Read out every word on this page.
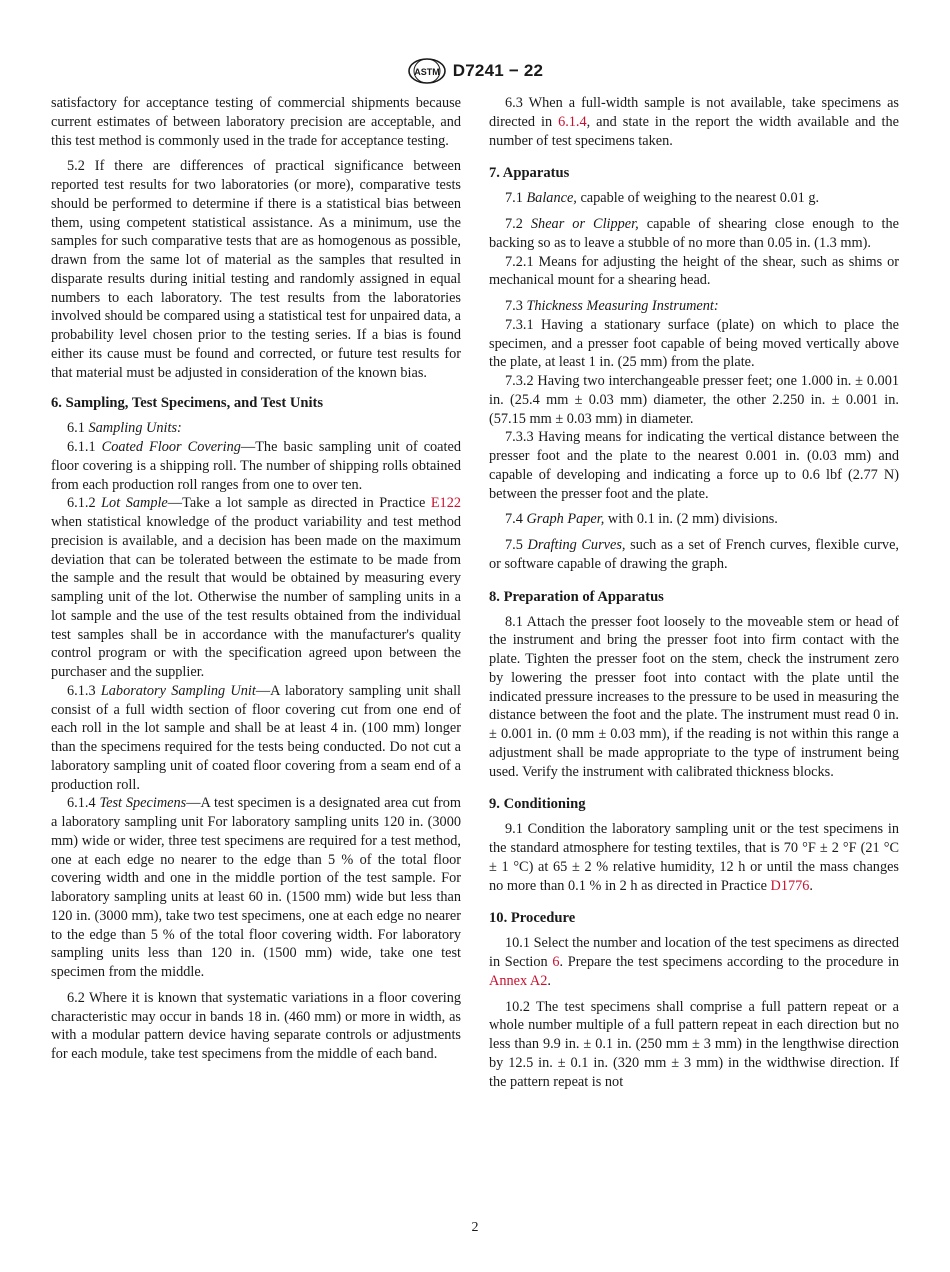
ASTM D7241 − 22

satisfactory for acceptance testing of commercial shipments because current estimates of between laboratory precision are acceptable, and this test method is commonly used in the trade for acceptance testing.

5.2 If there are differences of practical significance between reported test results for two laboratories (or more), comparative tests should be performed to determine if there is a statistical bias between them, using competent statistical assistance. As a minimum, use the samples for such comparative tests that are as homogenous as possible, drawn from the same lot of material as the samples that resulted in disparate results during initial testing and randomly assigned in equal numbers to each laboratory. The test results from the laboratories involved should be compared using a statistical test for unpaired data, a probability level chosen prior to the testing series. If a bias is found either its cause must be found and corrected, or future test results for that material must be adjusted in consideration of the known bias.

6. Sampling, Test Specimens, and Test Units

6.1 Sampling Units:

6.1.1 Coated Floor Covering—The basic sampling unit of coated floor covering is a shipping roll. The number of shipping rolls obtained from each production roll ranges from one to over ten.

6.1.2 Lot Sample—Take a lot sample as directed in Practice E122 when statistical knowledge of the product variability and test method precision is available, and a decision has been made on the maximum deviation that can be tolerated between the estimate to be made from the sample and the result that would be obtained by measuring every sampling unit of the lot. Otherwise the number of sampling units in a lot sample and the use of the test results obtained from the individual test samples shall be in accordance with the manufacturer's quality control program or with the specification agreed upon between the purchaser and the supplier.

6.1.3 Laboratory Sampling Unit—A laboratory sampling unit shall consist of a full width section of floor covering cut from one end of each roll in the lot sample and shall be at least 4 in. (100 mm) longer than the specimens required for the tests being conducted. Do not cut a laboratory sampling unit of coated floor covering from a seam end of a production roll.

6.1.4 Test Specimens—A test specimen is a designated area cut from a laboratory sampling unit For laboratory sampling units 120 in. (3000 mm) wide or wider, three test specimens are required for a test method, one at each edge no nearer to the edge than 5 % of the total floor covering width and one in the middle portion of the test sample. For laboratory sampling units at least 60 in. (1500 mm) wide but less than 120 in. (3000 mm), take two test specimens, one at each edge no nearer to the edge than 5 % of the total floor covering width. For laboratory sampling units less than 120 in. (1500 mm) wide, take one test specimen from the middle.

6.2 Where it is known that systematic variations in a floor covering characteristic may occur in bands 18 in. (460 mm) or more in width, as with a modular pattern device having separate controls or adjustments for each module, take test specimens from the middle of each band.

6.3 When a full-width sample is not available, take specimens as directed in 6.1.4, and state in the report the width available and the number of test specimens taken.

7. Apparatus

7.1 Balance, capable of weighing to the nearest 0.01 g.

7.2 Shear or Clipper, capable of shearing close enough to the backing so as to leave a stubble of no more than 0.05 in. (1.3 mm).

7.2.1 Means for adjusting the height of the shear, such as shims or mechanical mount for a shearing head.

7.3 Thickness Measuring Instrument:

7.3.1 Having a stationary surface (plate) on which to place the specimen, and a presser foot capable of being moved vertically above the plate, at least 1 in. (25 mm) from the plate.

7.3.2 Having two interchangeable presser feet; one 1.000 in. ± 0.001 in. (25.4 mm ± 0.03 mm) diameter, the other 2.250 in. ± 0.001 in. (57.15 mm ± 0.03 mm) in diameter.

7.3.3 Having means for indicating the vertical distance between the presser foot and the plate to the nearest 0.001 in. (0.03 mm) and capable of developing and indicating a force up to 0.6 lbf (2.77 N) between the presser foot and the plate.

7.4 Graph Paper, with 0.1 in. (2 mm) divisions.

7.5 Drafting Curves, such as a set of French curves, flexible curve, or software capable of drawing the graph.

8. Preparation of Apparatus

8.1 Attach the presser foot loosely to the moveable stem or head of the instrument and bring the presser foot into firm contact with the plate. Tighten the presser foot on the stem, check the instrument zero by lowering the presser foot into contact with the plate until the indicated pressure increases to the pressure to be used in measuring the distance between the foot and the plate. The instrument must read 0 in. ± 0.001 in. (0 mm ± 0.03 mm), if the reading is not within this range a adjustment shall be made appropriate to the type of instrument being used. Verify the instrument with calibrated thickness blocks.

9. Conditioning

9.1 Condition the laboratory sampling unit or the test specimens in the standard atmosphere for testing textiles, that is 70 °F ± 2 °F (21 °C ± 1 °C) at 65 ± 2 % relative humidity, 12 h or until the mass changes no more than 0.1 % in 2 h as directed in Practice D1776.

10. Procedure

10.1 Select the number and location of the test specimens as directed in Section 6. Prepare the test specimens according to the procedure in Annex A2.

10.2 The test specimens shall comprise a full pattern repeat or a whole number multiple of a full pattern repeat in each direction but no less than 9.9 in. ± 0.1 in. (250 mm ± 3 mm) in the lengthwise direction by 12.5 in. ± 0.1 in. (320 mm ± 3 mm) in the widthwise direction. If the pattern repeat is not

2
